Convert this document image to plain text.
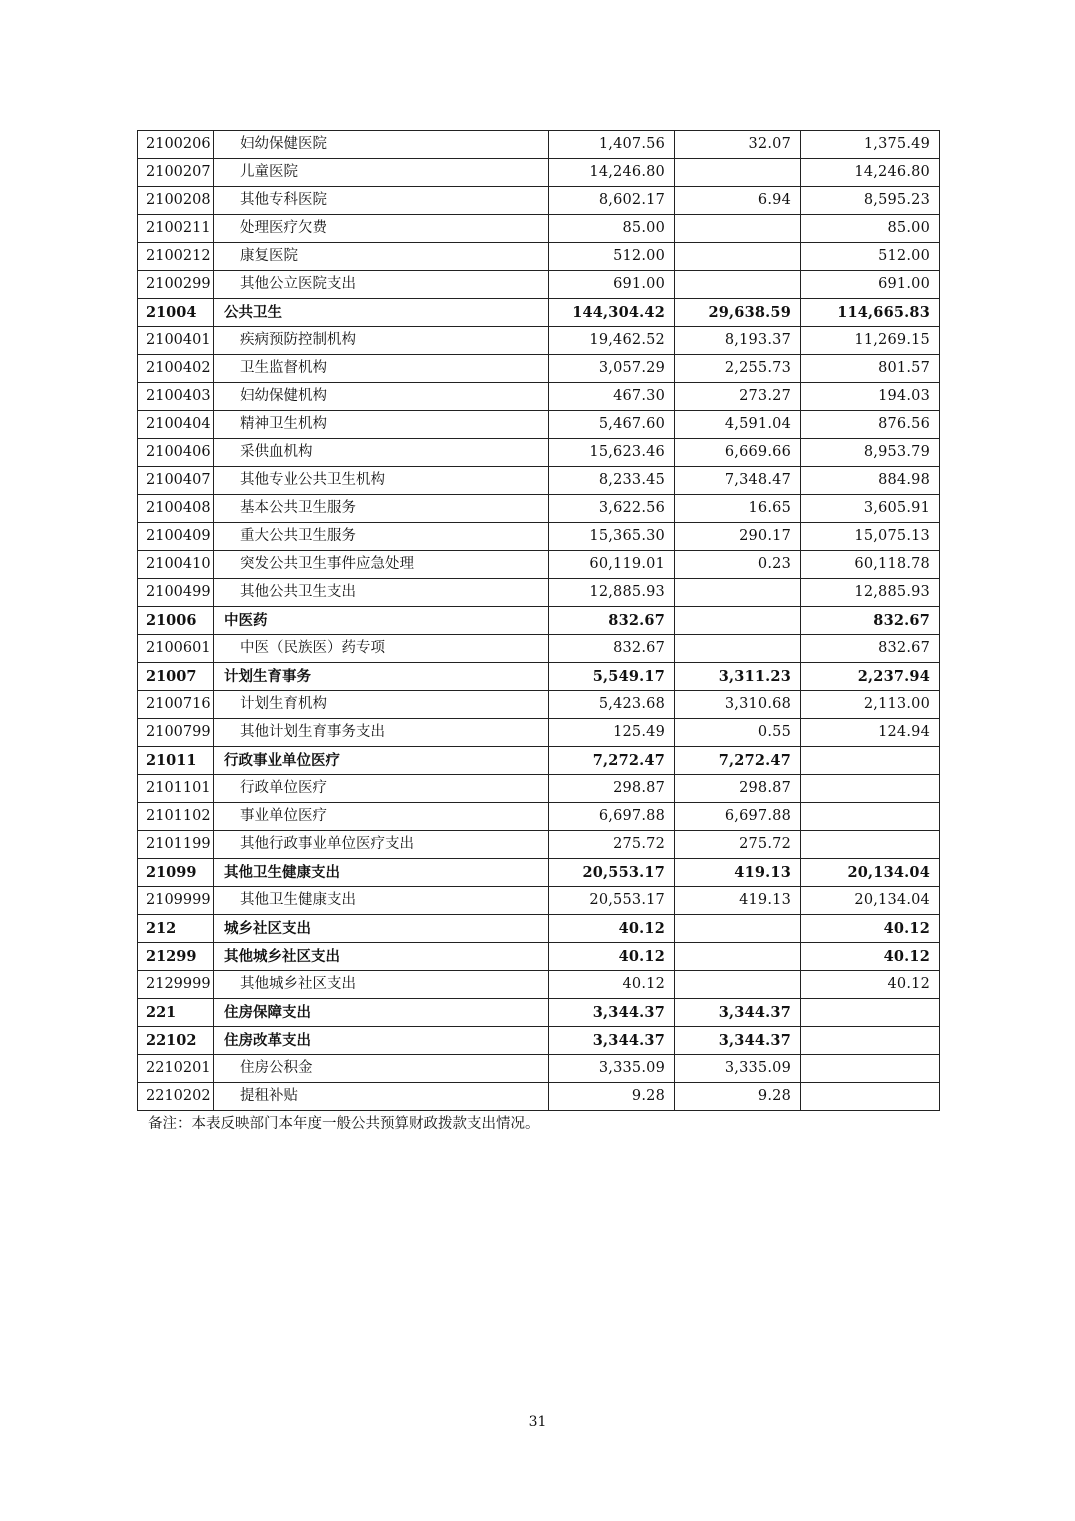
2100206	妇幼保健医院	1,407.56	32.07	1,375.49
2100207	儿童医院	14,246.80		14,246.80
2100208	其他专科医院	8,602.17	6.94	8,595.23
2100211	处理医疗欠费	85.00		85.00
2100212	康复医院	512.00		512.00
2100299	其他公立医院支出	691.00		691.00
21004	公共卫生	144,304.42	29,638.59	114,665.83
2100401	疾病预防控制机构	19,462.52	8,193.37	11,269.15
2100402	卫生监督机构	3,057.29	2,255.73	801.57
2100403	妇幼保健机构	467.30	273.27	194.03
2100404	精神卫生机构	5,467.60	4,591.04	876.56
2100406	采供血机构	15,623.46	6,669.66	8,953.79
2100407	其他专业公共卫生机构	8,233.45	7,348.47	884.98
2100408	基本公共卫生服务	3,622.56	16.65	3,605.91
2100409	重大公共卫生服务	15,365.30	290.17	15,075.13
2100410	突发公共卫生事件应急处理	60,119.01	0.23	60,118.78
2100499	其他公共卫生支出	12,885.93		12,885.93
21006	中医药	832.67		832.67
2100601	中医（民族医）药专项	832.67		832.67
21007	计划生育事务	5,549.17	3,311.23	2,237.94
2100716	计划生育机构	5,423.68	3,310.68	2,113.00
2100799	其他计划生育事务支出	125.49	0.55	124.94
21011	行政事业单位医疗	7,272.47	7,272.47	
2101101	行政单位医疗	298.87	298.87	
2101102	事业单位医疗	6,697.88	6,697.88	
2101199	其他行政事业单位医疗支出	275.72	275.72	
21099	其他卫生健康支出	20,553.17	419.13	20,134.04
2109999	其他卫生健康支出	20,553.17	419.13	20,134.04
212	城乡社区支出	40.12		40.12
21299	其他城乡社区支出	40.12		40.12
2129999	其他城乡社区支出	40.12		40.12
221	住房保障支出	3,344.37	3,344.37	
22102	住房改革支出	3,344.37	3,344.37	
2210201	住房公积金	3,335.09	3,335.09	
2210202	提租补贴	9.28	9.28	
备注：本表反映部门本年度一般公共预算财政拨款支出情况。
31
